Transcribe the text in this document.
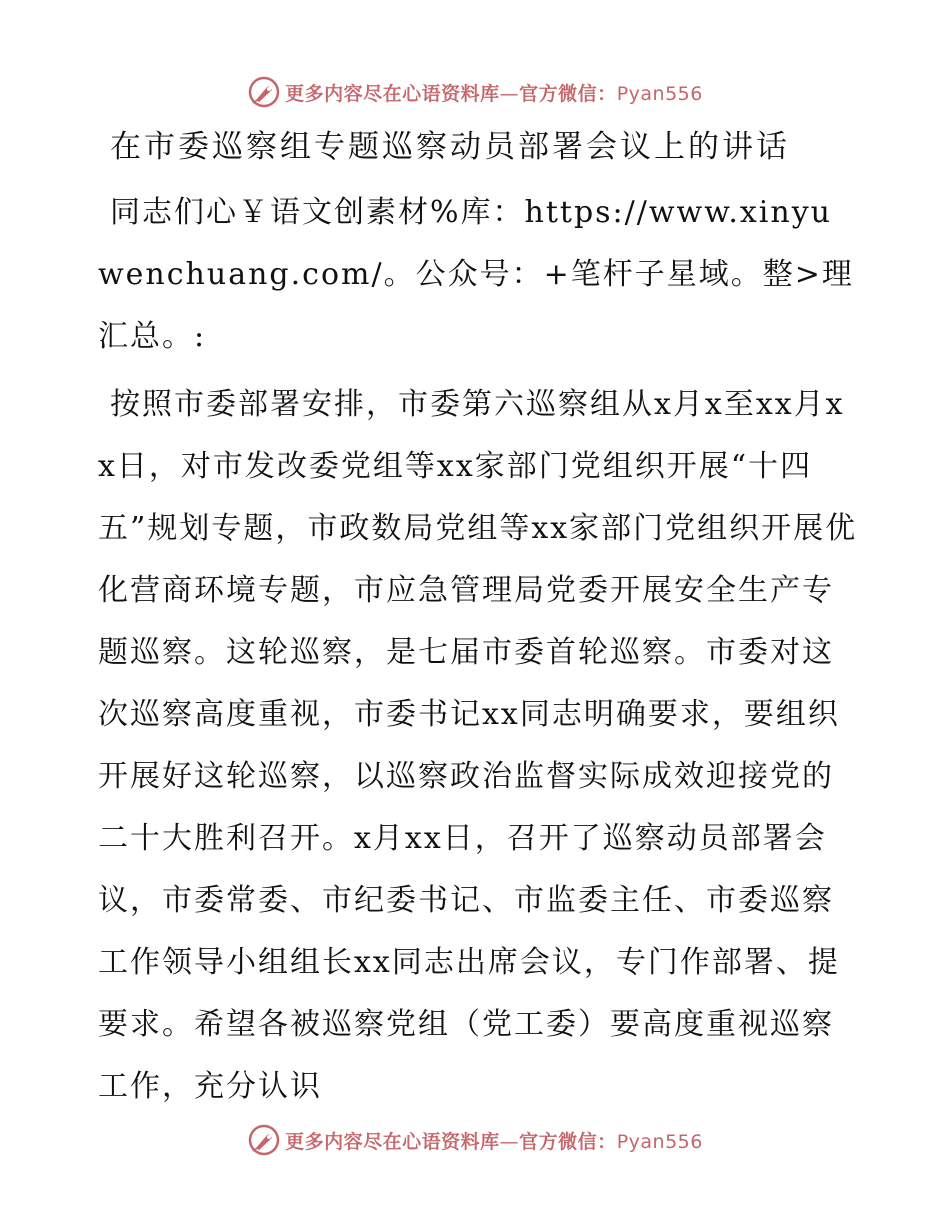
更多内容尽在心语资料库—官方微信：Pyan556
在市委巡察组专题巡察动员部署会议上的讲话

同志们心￥语文创素材%库：https://www.xinyuwenchuang.com/。公众号：+笔杆子星域。整>理汇总。:

按照市委部署安排，市委第六巡察组从x月x至xx月xx日，对市发改委党组等xx家部门党组织开展“十四五”规划专题，市政数局党组等xx家部门党组织开展优化营商环境专题，市应急管理局党委开展安全生产专题巡察。这轮巡察，是七届市委首轮巡察。市委对这次巡察高度重视，市委书记xx同志明确要求，要组织开展好这轮巡察，以巡察政治监督实际成效迎接党的二十大胜利召开。x月xx日，召开了巡察动员部署会议，市委常委、市纪委书记、市监委主任、市委巡察工作领导小组组长xx同志出席会议，专门作部署、提要求。希望各被巡察党组（党工委）要高度重视巡察工作，充分认识

更多内容尽在心语资料库—官方微信：Pyan556
